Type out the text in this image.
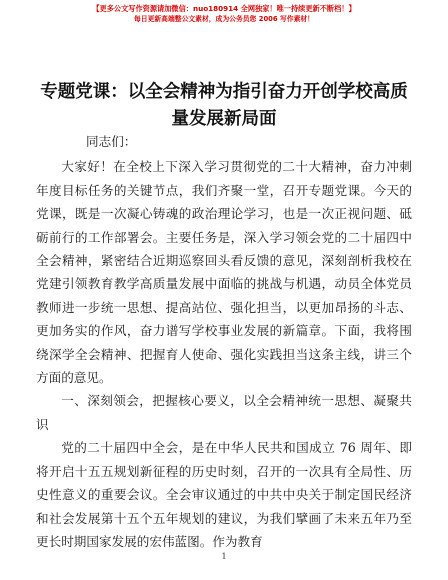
【更多公文写作资源请加微信：nuo180914 全网独家！唯一持续更新不断档！】
每日更新高端整公文素材，成为公务员您 2006 写作素材！
专题党课：以全会精神为指引奋力开创学校高质量发展新局面

同志们：

大家好！在全校上下深入学习贯彻党的二十大精神，奋力冲刺年度目标任务的关键节点，我们齐聚一堂，召开专题党课。今天的党课，既是一次凝心铸魂的政治理论学习，也是一次正视问题、砥砺前行的工作部署会。主要任务是，深入学习领会党的二十届四中全会精神，紧密结合近期巡察回头看反馈的意见，深刻剖析我校在党建引领教育教学高质量发展中面临的挑战与机遇，动员全体党员教师进一步统一思想、提高站位、强化担当，以更加昂扬的斗志、更加务实的作风，奋力谱写学校事业发展的新篇章。下面，我将围绕深学全会精神、把握育人使命、强化实践担当这条主线，讲三个方面的意见。

一、深刻领会，把握核心要义，以全会精神统一思想、凝聚共识

党的二十届四中全会，是在中华人民共和国成立 76 周年、即将开启十五五规划新征程的历史时刻，召开的一次具有全局性、历史性意义的重要会议。全会审议通过的中共中央关于制定国民经济和社会发展第十五个五年规划的建议，为我们擘画了未来五年乃至更长时期国家发展的宏伟蓝图。作为教育

1
